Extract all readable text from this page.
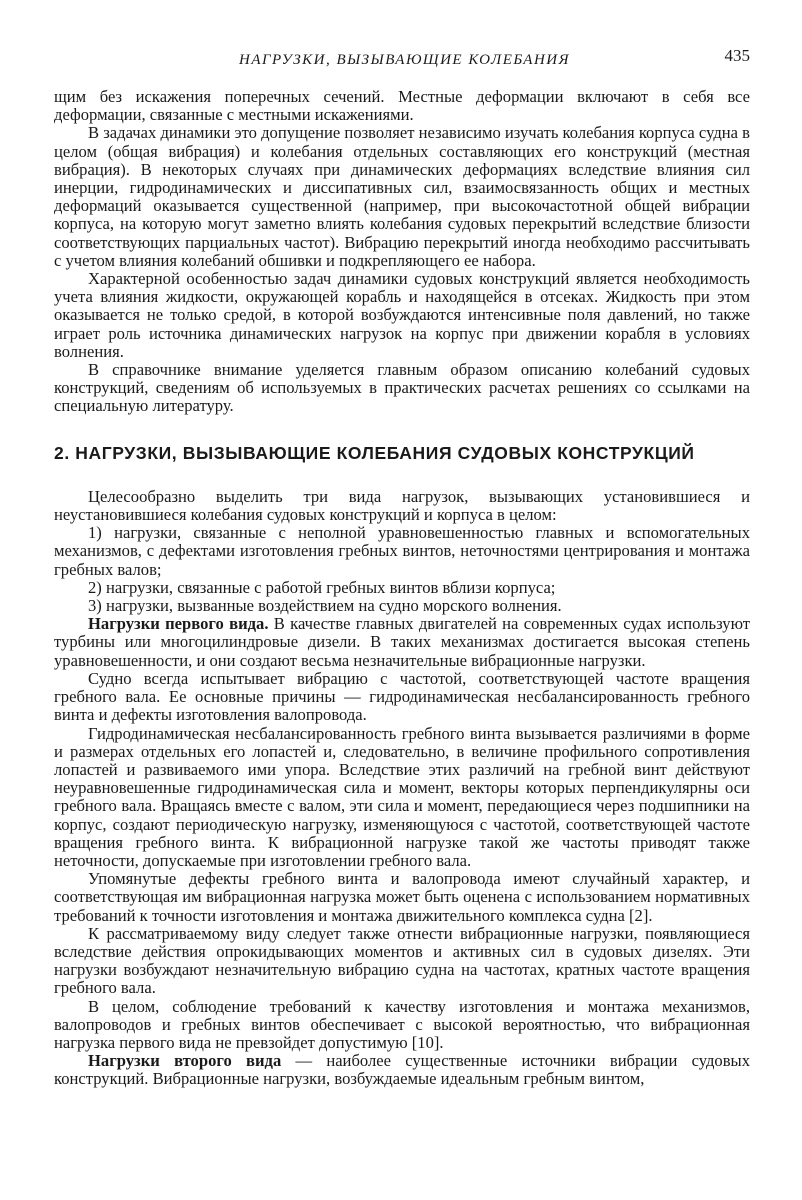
НАГРУЗКИ, ВЫЗЫВАЮЩИЕ КОЛЕБАНИЯ	435

щим без искажения поперечных сечений. Местные деформации включают в себя все деформации, связанные с местными искажениями.

В задачах динамики это допущение позволяет независимо изучать колебания корпуса судна в целом (общая вибрация) и колебания отдельных составляющих его конструкций (местная вибрация). В некоторых случаях при динамических деформациях вследствие влияния сил инерции, гидродинамических и диссипативных сил, взаимосвязанность общих и местных деформаций оказывается существенной (например, при высокочастотной общей вибрации корпуса, на которую могут заметно влиять колебания судовых перекрытий вследствие близости соответствующих парциальных частот). Вибрацию перекрытий иногда необходимо рассчитывать с учетом влияния колебаний обшивки и подкрепляющего ее набора.

Характерной особенностью задач динамики судовых конструкций является необходимость учета влияния жидкости, окружающей корабль и находящейся в отсеках. Жидкость при этом оказывается не только средой, в которой возбуждаются интенсивные поля давлений, но также играет роль источника динамических нагрузок на корпус при движении корабля в условиях волнения.

В справочнике внимание уделяется главным образом описанию колебаний судовых конструкций, сведениям об используемых в практических расчетах решениях со ссылками на специальную литературу.

2. НАГРУЗКИ, ВЫЗЫВАЮЩИЕ КОЛЕБАНИЯ СУДОВЫХ КОНСТРУКЦИЙ

Целесообразно выделить три вида нагрузок, вызывающих установившиеся и неустановившиеся колебания судовых конструкций и корпуса в целом:

1) нагрузки, связанные с неполной уравновешенностью главных и вспомогательных механизмов, с дефектами изготовления гребных винтов, неточностями центрирования и монтажа гребных валов;

2) нагрузки, связанные с работой гребных винтов вблизи корпуса;

3) нагрузки, вызванные воздействием на судно морского волнения.

Нагрузки первого вида. В качестве главных двигателей на современных судах используют турбины или многоцилиндровые дизели. В таких механизмах достигается высокая степень уравновешенности, и они создают весьма незначительные вибрационные нагрузки.

Судно всегда испытывает вибрацию с частотой, соответствующей частоте вращения гребного вала. Ее основные причины — гидродинамическая несбалансированность гребного винта и дефекты изготовления валопровода.

Гидродинамическая несбалансированность гребного винта вызывается различиями в форме и размерах отдельных его лопастей и, следовательно, в величине профильного сопротивления лопастей и развиваемого ими упора. Вследствие этих различий на гребной винт действуют неуравновешенные гидродинамическая сила и момент, векторы которых перпендикулярны оси гребного вала. Вращаясь вместе с валом, эти сила и момент, передающиеся через подшипники на корпус, создают периодическую нагрузку, изменяющуюся с частотой, соответствующей частоте вращения гребного винта. К вибрационной нагрузке такой же частоты приводят также неточности, допускаемые при изготовлении гребного вала.

Упомянутые дефекты гребного винта и валопровода имеют случайный характер, и соответствующая им вибрационная нагрузка может быть оценена с использованием нормативных требований к точности изготовления и монтажа движительного комплекса судна [2].

К рассматриваемому виду следует также отнести вибрационные нагрузки, появляющиеся вследствие действия опрокидывающих моментов и активных сил в судовых дизелях. Эти нагрузки возбуждают незначительную вибрацию судна на частотах, кратных частоте вращения гребного вала.

В целом, соблюдение требований к качеству изготовления и монтажа механизмов, валопроводов и гребных винтов обеспечивает с высокой вероятностью, что вибрационная нагрузка первого вида не превзойдет допустимую [10].

Нагрузки второго вида — наиболее существенные источники вибрации судовых конструкций. Вибрационные нагрузки, возбуждаемые идеальным гребным винтом,
